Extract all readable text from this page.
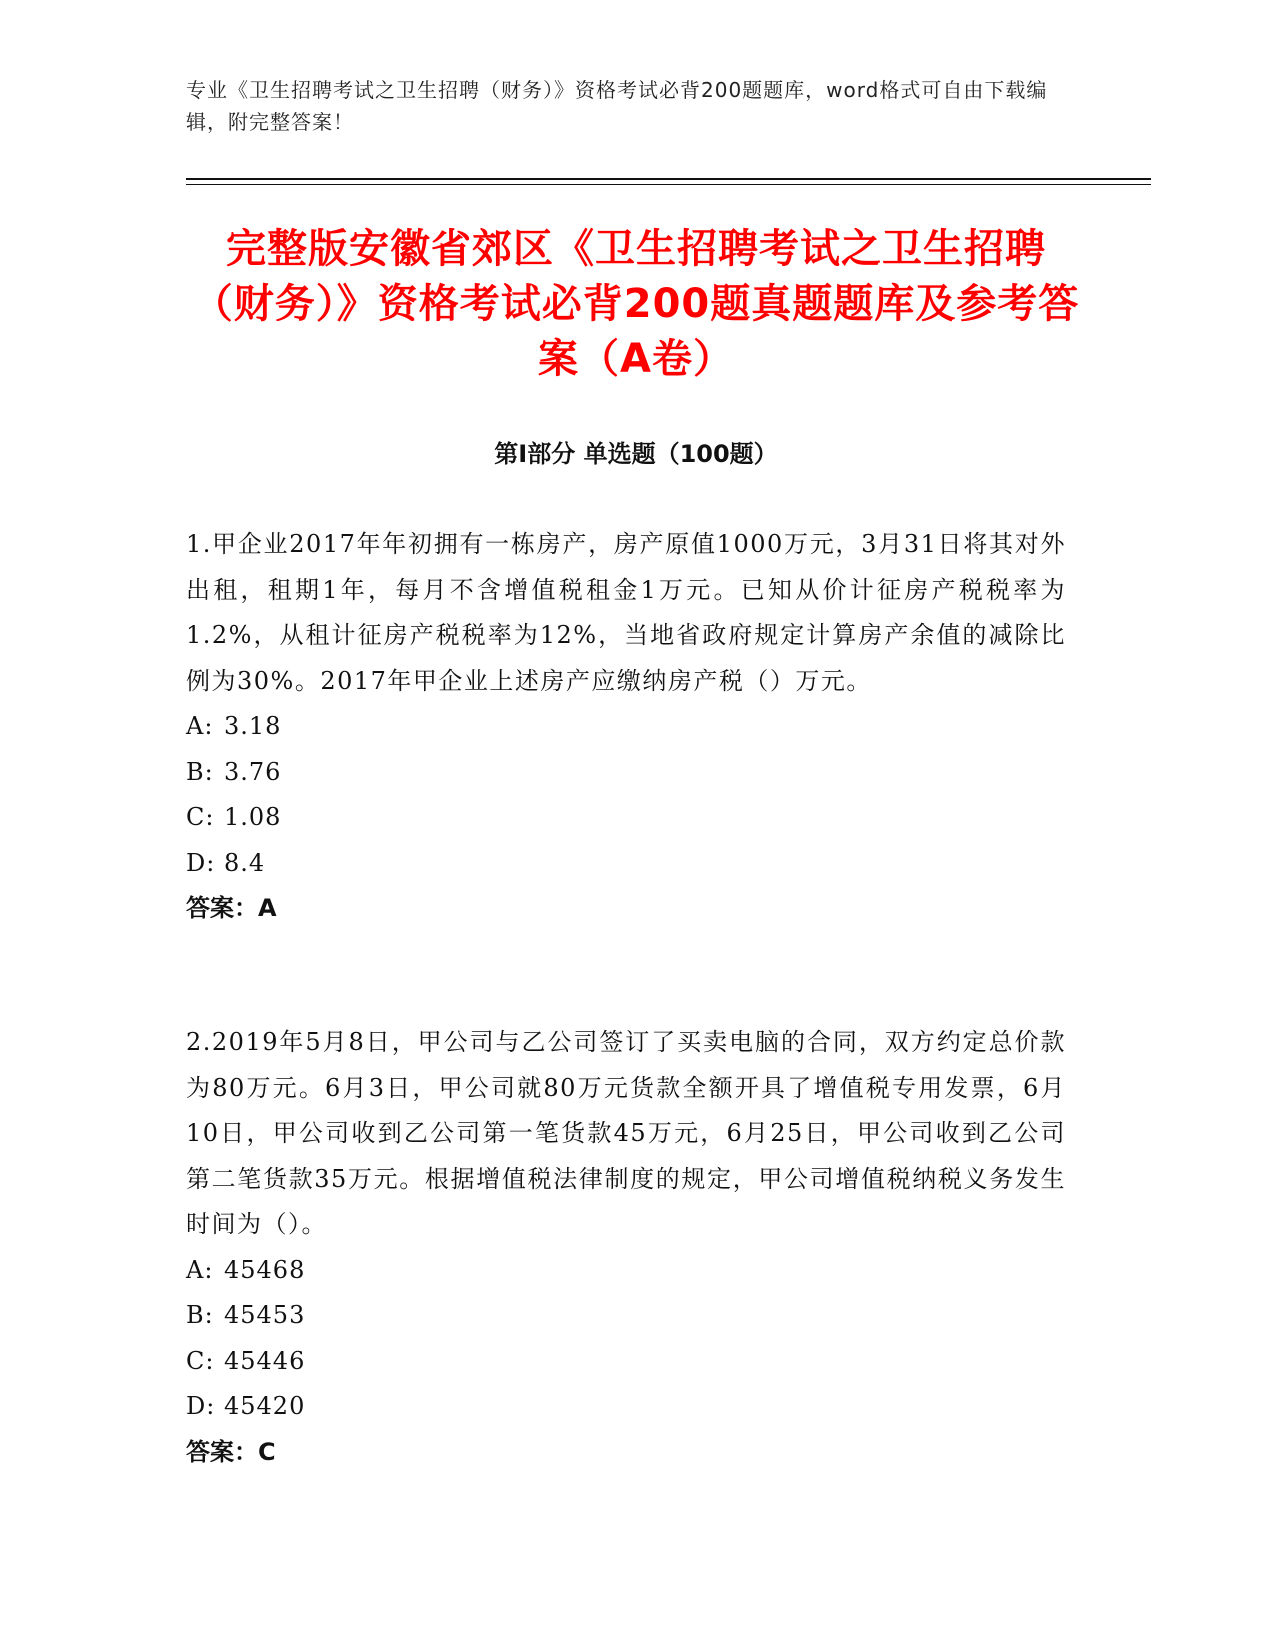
专业《卫生招聘考试之卫生招聘（财务）》资格考试必背200题题库，word格式可自由下载编辑，附完整答案！
完整版安徽省郊区《卫生招聘考试之卫生招聘（财务）》资格考试必背200题真题题库及参考答案（A卷）
第Ⅰ部分 单选题（100题）
1.甲企业2017年年初拥有一栋房产，房产原值1000万元，3月31日将其对外出租，租期1年，每月不含增值税租金1万元。已知从价计征房产税税率为1.2%，从租计征房产税税率为12%，当地省政府规定计算房产余值的减除比例为30%。2017年甲企业上述房产应缴纳房产税（）万元。
A: 3.18
B: 3.76
C: 1.08
D: 8.4
答案：A
2.2019年5月8日，甲公司与乙公司签订了买卖电脑的合同，双方约定总价款为80万元。6月3日，甲公司就80万元货款全额开具了增值税专用发票，6月10日，甲公司收到乙公司第一笔货款45万元，6月25日，甲公司收到乙公司第二笔货款35万元。根据增值税法律制度的规定，甲公司增值税纳税义务发生时间为（）。
A: 45468
B: 45453
C: 45446
D: 45420
答案：C
